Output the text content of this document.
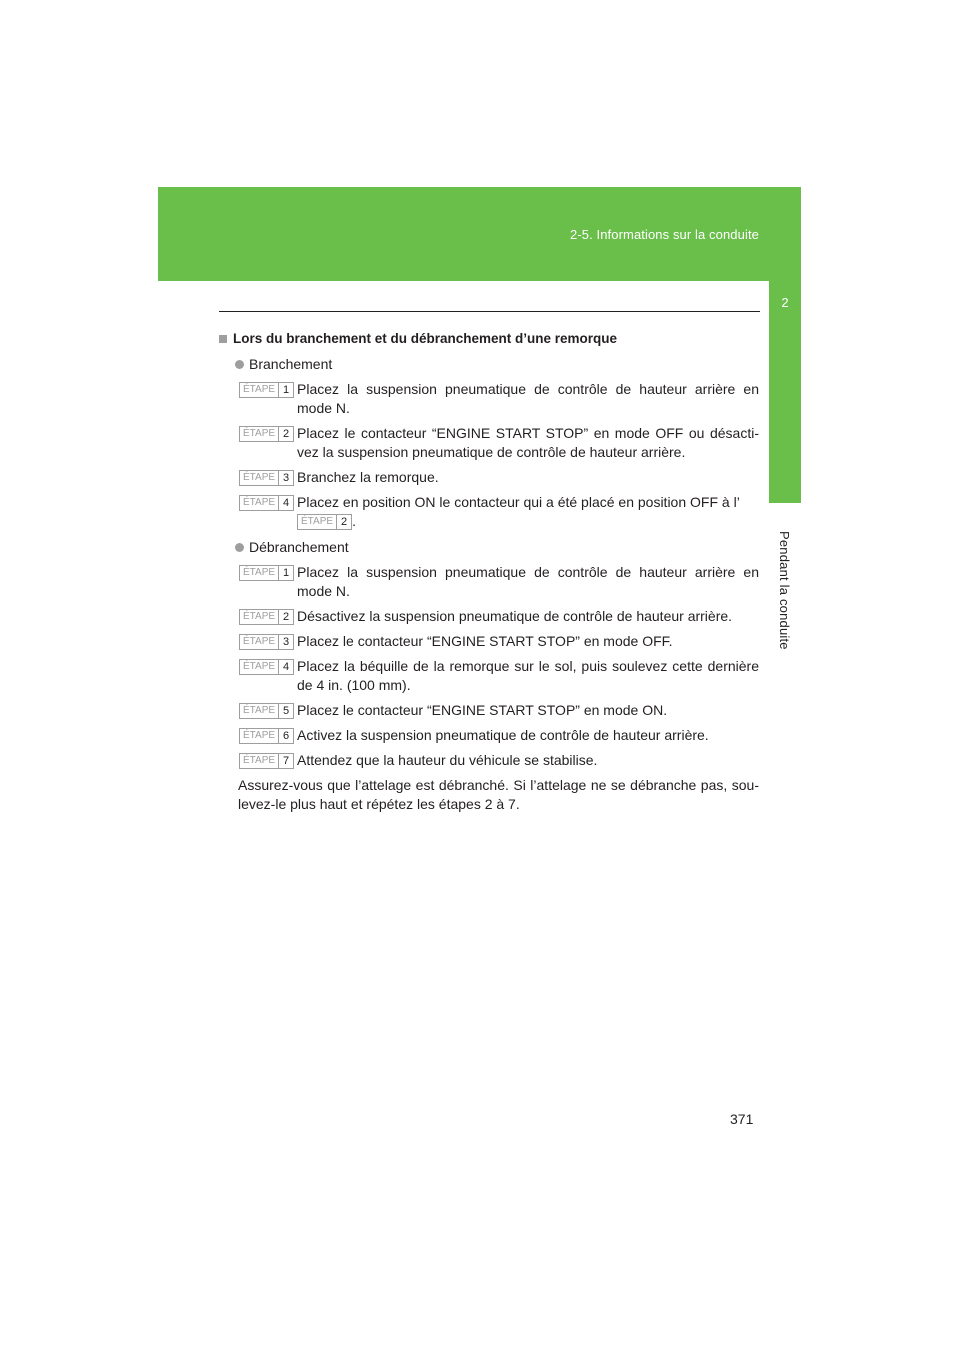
2-5. Informations sur la conduite
2
Pendant la conduite
Lors du branchement et du débranchement d’une remorque
Branchement
ÉTAPE 1 Placez la suspension pneumatique de contrôle de hauteur arrière en mode N.
ÉTAPE 2 Placez le contacteur “ENGINE START STOP” en mode OFF ou désacti-vez la suspension pneumatique de contrôle de hauteur arrière.
ÉTAPE 3 Branchez la remorque.
ÉTAPE 4 Placez en position ON le contacteur qui a été placé en position OFF à l’

ÉTAPE 2 .
Débranchement
ÉTAPE 1 Placez la suspension pneumatique de contrôle de hauteur arrière en mode N.
ÉTAPE 2 Désactivez la suspension pneumatique de contrôle de hauteur arrière.
ÉTAPE 3 Placez le contacteur “ENGINE START STOP” en mode OFF.
ÉTAPE 4 Placez la béquille de la remorque sur le sol, puis soulevez cette dernière de 4 in. (100 mm).
ÉTAPE 5 Placez le contacteur “ENGINE START STOP” en mode ON.
ÉTAPE 6 Activez la suspension pneumatique de contrôle de hauteur arrière.
ÉTAPE 7 Attendez que la hauteur du véhicule se stabilise.
Assurez-vous que l’attelage est débranché. Si l’attelage ne se débranche pas, sou-levez-le plus haut et répétez les étapes 2 à 7.
371
